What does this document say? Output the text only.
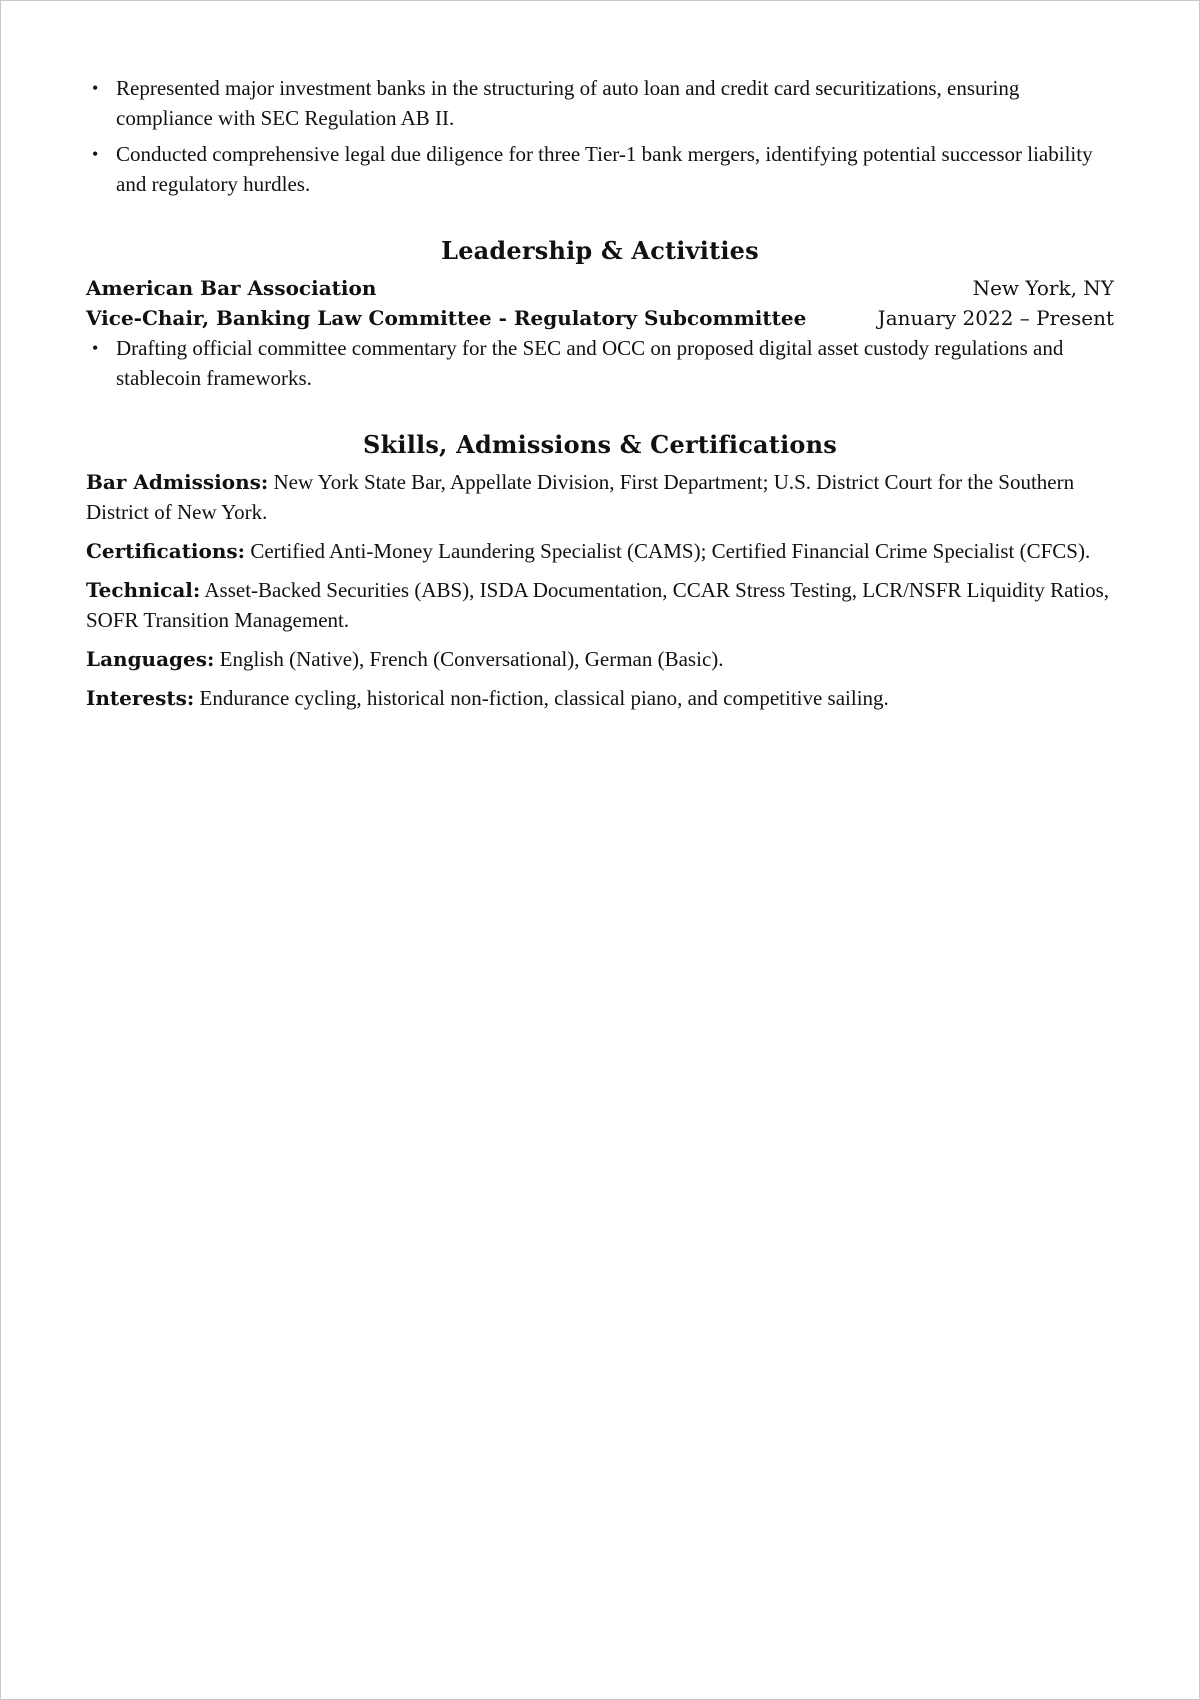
• Represented major investment banks in the structuring of auto loan and credit card securitizations, ensuring compliance with SEC Regulation AB II.
• Conducted comprehensive legal due diligence for three Tier-1 bank mergers, identifying potential successor liability and regulatory hurdles.
Leadership & Activities
American Bar Association	New York, NY
Vice-Chair, Banking Law Committee - Regulatory Subcommittee	January 2022 – Present
• Drafting official committee commentary for the SEC and OCC on proposed digital asset custody regulations and stablecoin frameworks.
Skills, Admissions & Certifications

Bar Admissions: New York State Bar, Appellate Division, First Department; U.S. District Court for the Southern District of New York.

Certifications: Certified Anti-Money Laundering Specialist (CAMS); Certified Financial Crime Specialist (CFCS).

Technical: Asset-Backed Securities (ABS), ISDA Documentation, CCAR Stress Testing, LCR/NSFR Liquidity Ratios, SOFR Transition Management.

Languages: English (Native), French (Conversational), German (Basic).

Interests: Endurance cycling, historical non-fiction, classical piano, and competitive sailing.
